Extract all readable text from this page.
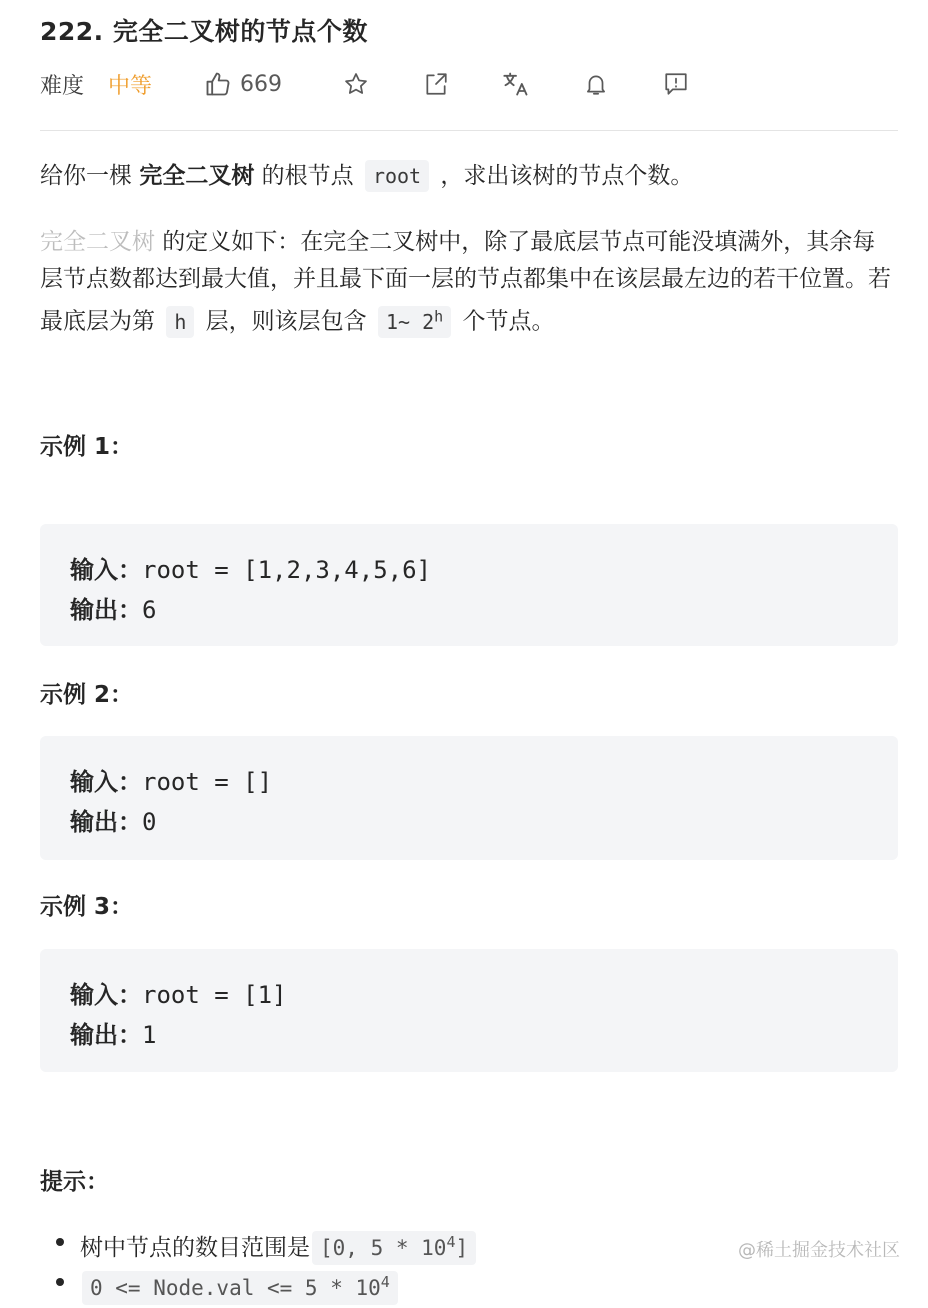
222. 完全二叉树的节点个数
难度 中等	669
给你一棵 完全二叉树 的根节点 root ，求出该树的节点个数。
完全二叉树 的定义如下：在完全二叉树中，除了最底层节点可能没填满外，其余每层节点数都达到最大值，并且最下面一层的节点都集中在该层最左边的若干位置。若最底层为第 h 层，则该层包含 1~ 2$^h$ 个节点。
示例 1：
输入：root = [1,2,3,4,5,6]
输出：6
示例 2：
输入：root = []
输出：0
示例 3：
输入：root = [1]
输出：1
提示：
树中节点的数目范围是 [0, $5 * 10^4$]
0 <= Node.val <= $5 * 10^4$
@稀土掘金技术社区
